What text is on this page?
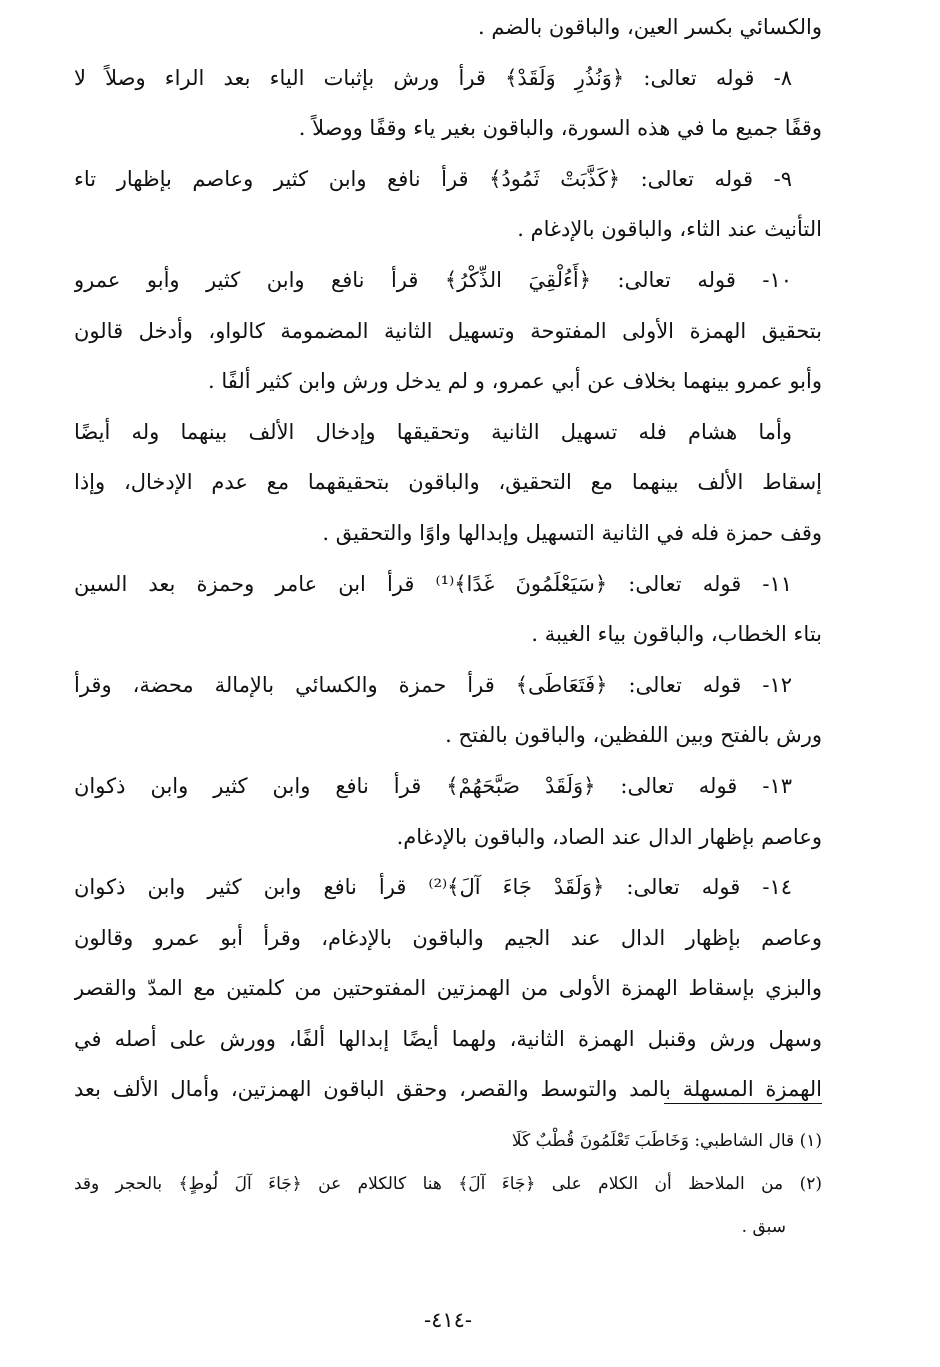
والكسائي بكسر العين، والباقون بالضم .
٨- قوله تعالى: ﴿وَنُذُرِ وَلَقَدْ﴾ قرأ ورش بإثبات الياء بعد الراء وصلاً لا
وقفًا جميع ما في هذه السورة، والباقون بغير ياء وقفًا ووصلاً .
٩- قوله تعالى: ﴿كَذَّبَتْ ثَمُودُ﴾ قرأ نافع وابن كثير وعاصم بإظهار تاء
التأنيث عند الثاء، والباقون بالإدغام .
١٠- قوله تعالى: ﴿أَءُلْقِيَ الذِّكْرُ﴾ قرأ نافع وابن كثير وأبو عمرو
بتحقيق الهمزة الأولى المفتوحة وتسهيل الثانية المضمومة كالواو، وأدخل قالون
وأبو عمرو بينهما بخلاف عن أبي عمرو، و لم يدخل ورش وابن كثير ألفًا .
وأما هشام فله تسهيل الثانية وتحقيقها وإدخال الألف بينهما وله أيضًا
إسقاط الألف بينهما مع التحقيق، والباقون بتحقيقهما مع عدم الإدخال، وإذا
وقف حمزة فله في الثانية التسهيل وإبدالها واوًا والتحقيق .
١١- قوله تعالى: ﴿سَيَعْلَمُونَ غَدًا﴾⁽¹⁾ قرأ ابن عامر وحمزة بعد السين
بتاء الخطاب، والباقون بياء الغيبة .
١٢- قوله تعالى: ﴿فَتَعَاطَى﴾ قرأ حمزة والكسائي بالإمالة محضة، وقرأ
ورش بالفتح وبين اللفظين، والباقون بالفتح .
١٣- قوله تعالى: ﴿وَلَقَدْ صَبَّحَهُمْ﴾ قرأ نافع وابن كثير وابن ذكوان
وعاصم بإظهار الدال عند الصاد، والباقون بالإدغام.
١٤- قوله تعالى: ﴿وَلَقَدْ جَاءَ آلَ﴾⁽²⁾ قرأ نافع وابن كثير وابن ذكوان
وعاصم بإظهار الدال عند الجيم والباقون بالإدغام، وقرأ أبو عمرو وقالون
والبزي بإسقاط الهمزة الأولى من الهمزتين المفتوحتين من كلمتين مع المدّ والقصر
وسهل ورش وقنبل الهمزة الثانية، ولهما أيضًا إبدالها ألفًا، وورش على أصله في
الهمزة المسهلة بالمد والتوسط والقصر، وحقق الباقون الهمزتين، وأمال الألف بعد
(١) قال الشاطبي: وَخَاطَبَ تَعْلَمُونَ قُطْبٌ كَلَا
(٢) من الملاحظ أن الكلام على ﴿جَاءَ آلَ﴾ هنا كالكلام عن ﴿جَاءَ آلَ لُوطٍ﴾ بالحجر وقد
سبق .
-٤١٤-
